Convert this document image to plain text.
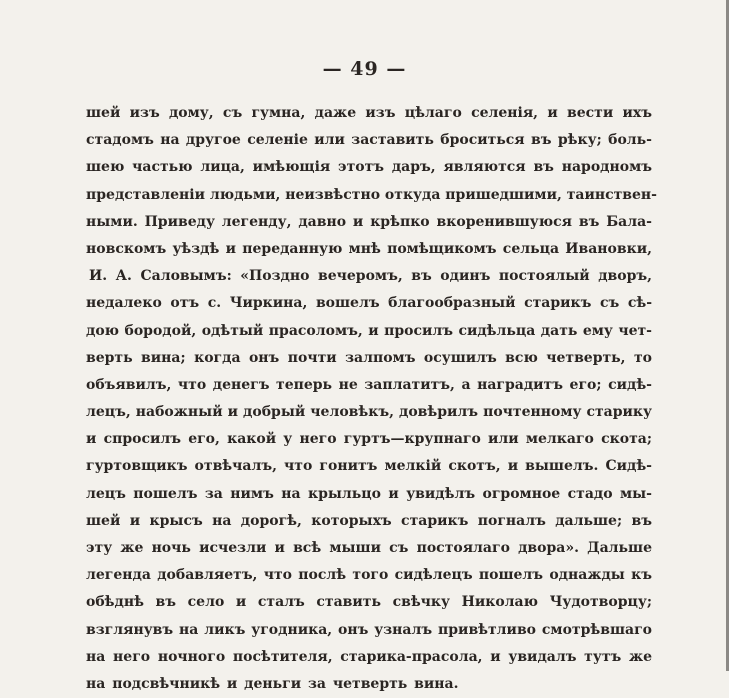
— 49 —
шей изъ дому, съ гумна, даже изъ цѣлаго селенія, и вести ихъ
стадомъ на другое селеніе или заставить броситься въ рѣку; боль-
шею частью лица, имѣющія этотъ даръ, являются въ народномъ
представленіи людьми, неизвѣстно откуда пришедшими, таинствен-
ными. Приведу легенду, давно и крѣпко вкоренившуюся въ Бала-
новскомъ уѣздѣ и переданную мнѣ помѣщикомъ сельца Ивановки,
И. А. Саловымъ: «Поздно вечеромъ, въ одинъ постоялый дворъ,
недалеко отъ с. Чиркина, вошелъ благообразный старикъ съ сѣ-
дою бородой, одѣтый прасоломъ, и просилъ сидѣльца дать ему чет-
верть вина; когда онъ почти залпомъ осушилъ всю четверть, то
объявилъ, что денегъ теперь не заплатитъ, а наградитъ его; сидѣ-
лецъ, набожный и добрый человѣкъ, довѣрилъ почтенному старику
и спросилъ его, какой у него гуртъ—крупнаго или мелкаго скота;
гуртовщикъ отвѣчалъ, что гонитъ мелкій скотъ, и вышелъ. Сидѣ-
лецъ пошелъ за нимъ на крыльцо и увидѣлъ огромное стадо мы-
шей и крысъ на дорогѣ, которыхъ старикъ погналъ дальше; въ
эту же ночь исчезли и всѣ мыши съ постоялаго двора». Дальше
легенда добавляетъ, что послѣ того сидѣлецъ пошелъ однажды къ
обѣднѣ въ село и сталъ ставить свѣчку Николаю Чудотворцу;
взглянувъ на ликъ угодника, онъ узналъ привѣтливо смотрѣвшаго
на него ночного посѣтителя, старика-прасола, и увидалъ тутъ же
на подсвѣчникѣ и деньги за четверть вина.
